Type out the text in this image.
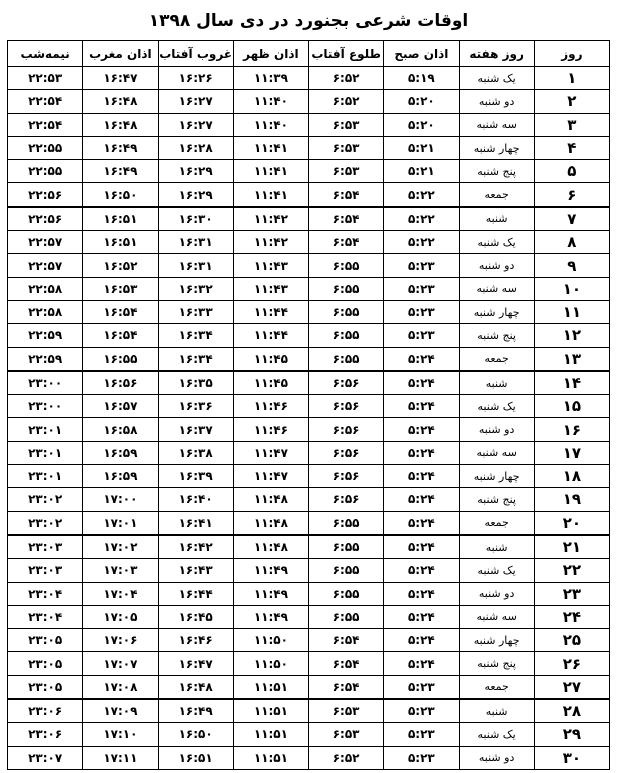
اوقات شرعی بجنورد در دی سال ۱۳۹۸
روز	روز هفته	اذان صبح	طلوع آفتاب	اذان ظهر	غروب آفتاب	اذان مغرب	نیمه‌شب
۱	یک شنبه	۵:۱۹	۶:۵۲	۱۱:۳۹	۱۶:۲۶	۱۶:۴۷	۲۲:۵۳
۲	دو شنبه	۵:۲۰	۶:۵۲	۱۱:۴۰	۱۶:۲۷	۱۶:۴۸	۲۲:۵۴
۳	سه شنبه	۵:۲۰	۶:۵۳	۱۱:۴۰	۱۶:۲۷	۱۶:۴۸	۲۲:۵۴
۴	چهار شنبه	۵:۲۱	۶:۵۳	۱۱:۴۱	۱۶:۲۸	۱۶:۴۹	۲۲:۵۵
۵	پنج شنبه	۵:۲۱	۶:۵۳	۱۱:۴۱	۱۶:۲۹	۱۶:۴۹	۲۲:۵۵
۶	جمعه	۵:۲۲	۶:۵۴	۱۱:۴۱	۱۶:۲۹	۱۶:۵۰	۲۲:۵۶
۷	شنبه	۵:۲۲	۶:۵۴	۱۱:۴۲	۱۶:۳۰	۱۶:۵۱	۲۲:۵۶
۸	یک شنبه	۵:۲۲	۶:۵۴	۱۱:۴۲	۱۶:۳۱	۱۶:۵۱	۲۲:۵۷
۹	دو شنبه	۵:۲۳	۶:۵۵	۱۱:۴۳	۱۶:۳۱	۱۶:۵۲	۲۲:۵۷
۱۰	سه شنبه	۵:۲۳	۶:۵۵	۱۱:۴۳	۱۶:۳۲	۱۶:۵۳	۲۲:۵۸
۱۱	چهار شنبه	۵:۲۳	۶:۵۵	۱۱:۴۴	۱۶:۳۳	۱۶:۵۴	۲۲:۵۸
۱۲	پنج شنبه	۵:۲۳	۶:۵۵	۱۱:۴۴	۱۶:۳۴	۱۶:۵۴	۲۲:۵۹
۱۳	جمعه	۵:۲۴	۶:۵۵	۱۱:۴۵	۱۶:۳۴	۱۶:۵۵	۲۲:۵۹
۱۴	شنبه	۵:۲۴	۶:۵۶	۱۱:۴۵	۱۶:۳۵	۱۶:۵۶	۲۳:۰۰
۱۵	یک شنبه	۵:۲۴	۶:۵۶	۱۱:۴۶	۱۶:۳۶	۱۶:۵۷	۲۳:۰۰
۱۶	دو شنبه	۵:۲۴	۶:۵۶	۱۱:۴۶	۱۶:۳۷	۱۶:۵۸	۲۳:۰۱
۱۷	سه شنبه	۵:۲۴	۶:۵۶	۱۱:۴۷	۱۶:۳۸	۱۶:۵۹	۲۳:۰۱
۱۸	چهار شنبه	۵:۲۴	۶:۵۶	۱۱:۴۷	۱۶:۳۹	۱۶:۵۹	۲۳:۰۱
۱۹	پنج شنبه	۵:۲۴	۶:۵۶	۱۱:۴۸	۱۶:۴۰	۱۷:۰۰	۲۳:۰۲
۲۰	جمعه	۵:۲۴	۶:۵۵	۱۱:۴۸	۱۶:۴۱	۱۷:۰۱	۲۳:۰۲
۲۱	شنبه	۵:۲۴	۶:۵۵	۱۱:۴۸	۱۶:۴۲	۱۷:۰۲	۲۳:۰۳
۲۲	یک شنبه	۵:۲۴	۶:۵۵	۱۱:۴۹	۱۶:۴۳	۱۷:۰۳	۲۳:۰۳
۲۳	دو شنبه	۵:۲۴	۶:۵۵	۱۱:۴۹	۱۶:۴۴	۱۷:۰۴	۲۳:۰۴
۲۴	سه شنبه	۵:۲۴	۶:۵۵	۱۱:۴۹	۱۶:۴۵	۱۷:۰۵	۲۳:۰۴
۲۵	چهار شنبه	۵:۲۴	۶:۵۴	۱۱:۵۰	۱۶:۴۶	۱۷:۰۶	۲۳:۰۵
۲۶	پنج شنبه	۵:۲۴	۶:۵۴	۱۱:۵۰	۱۶:۴۷	۱۷:۰۷	۲۳:۰۵
۲۷	جمعه	۵:۲۳	۶:۵۴	۱۱:۵۱	۱۶:۴۸	۱۷:۰۸	۲۳:۰۵
۲۸	شنبه	۵:۲۳	۶:۵۳	۱۱:۵۱	۱۶:۴۹	۱۷:۰۹	۲۳:۰۶
۲۹	یک شنبه	۵:۲۳	۶:۵۳	۱۱:۵۱	۱۶:۵۰	۱۷:۱۰	۲۳:۰۶
۳۰	دو شنبه	۵:۲۳	۶:۵۲	۱۱:۵۱	۱۶:۵۱	۱۷:۱۱	۲۳:۰۷
